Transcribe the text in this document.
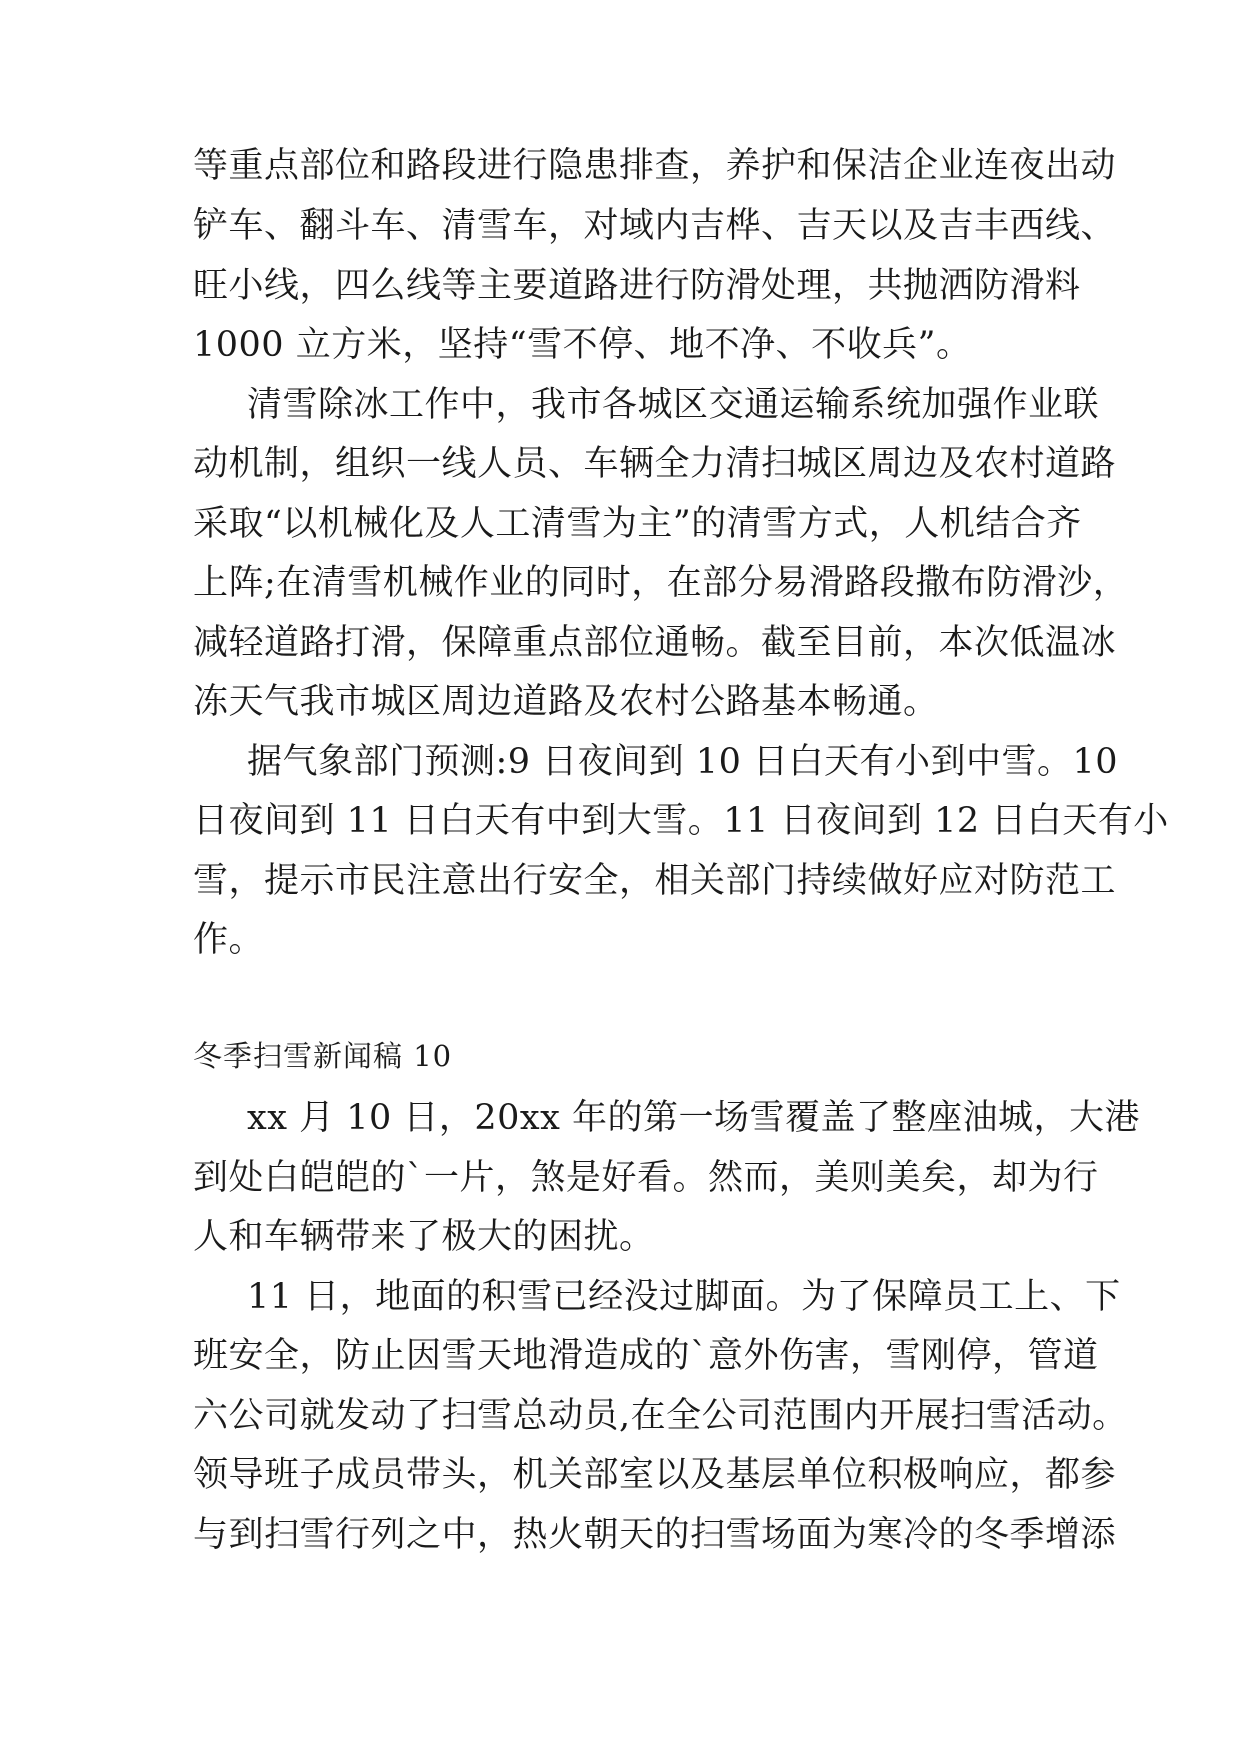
等重点部位和路段进行隐患排查，养护和保洁企业连夜出动
铲车、翻斗车、清雪车，对域内吉桦、吉天以及吉丰西线、
旺小线，四么线等主要道路进行防滑处理，共抛洒防滑料
1000 立方米，坚持“雪不停、地不净、不收兵”。
清雪除冰工作中，我市各城区交通运输系统加强作业联
动机制，组织一线人员、车辆全力清扫城区周边及农村道路
采取“以机械化及人工清雪为主”的清雪方式，人机结合齐
上阵;在清雪机械作业的同时，在部分易滑路段撒布防滑沙，
减轻道路打滑，保障重点部位通畅。截至目前，本次低温冰
冻天气我市城区周边道路及农村公路基本畅通。
据气象部门预测:9 日夜间到 10 日白天有小到中雪。10
日夜间到 11 日白天有中到大雪。11 日夜间到 12 日白天有小
雪，提示市民注意出行安全，相关部门持续做好应对防范工
作。
冬季扫雪新闻稿 10
xx 月 10 日，20xx 年的第一场雪覆盖了整座油城，大港
到处白皑皑的`一片，煞是好看。然而，美则美矣，却为行
人和车辆带来了极大的困扰。
11 日，地面的积雪已经没过脚面。为了保障员工上、下
班安全，防止因雪天地滑造成的`意外伤害，雪刚停，管道
六公司就发动了扫雪总动员,在全公司范围内开展扫雪活动。
领导班子成员带头，机关部室以及基层单位积极响应，都参
与到扫雪行列之中，热火朝天的扫雪场面为寒冷的冬季增添
